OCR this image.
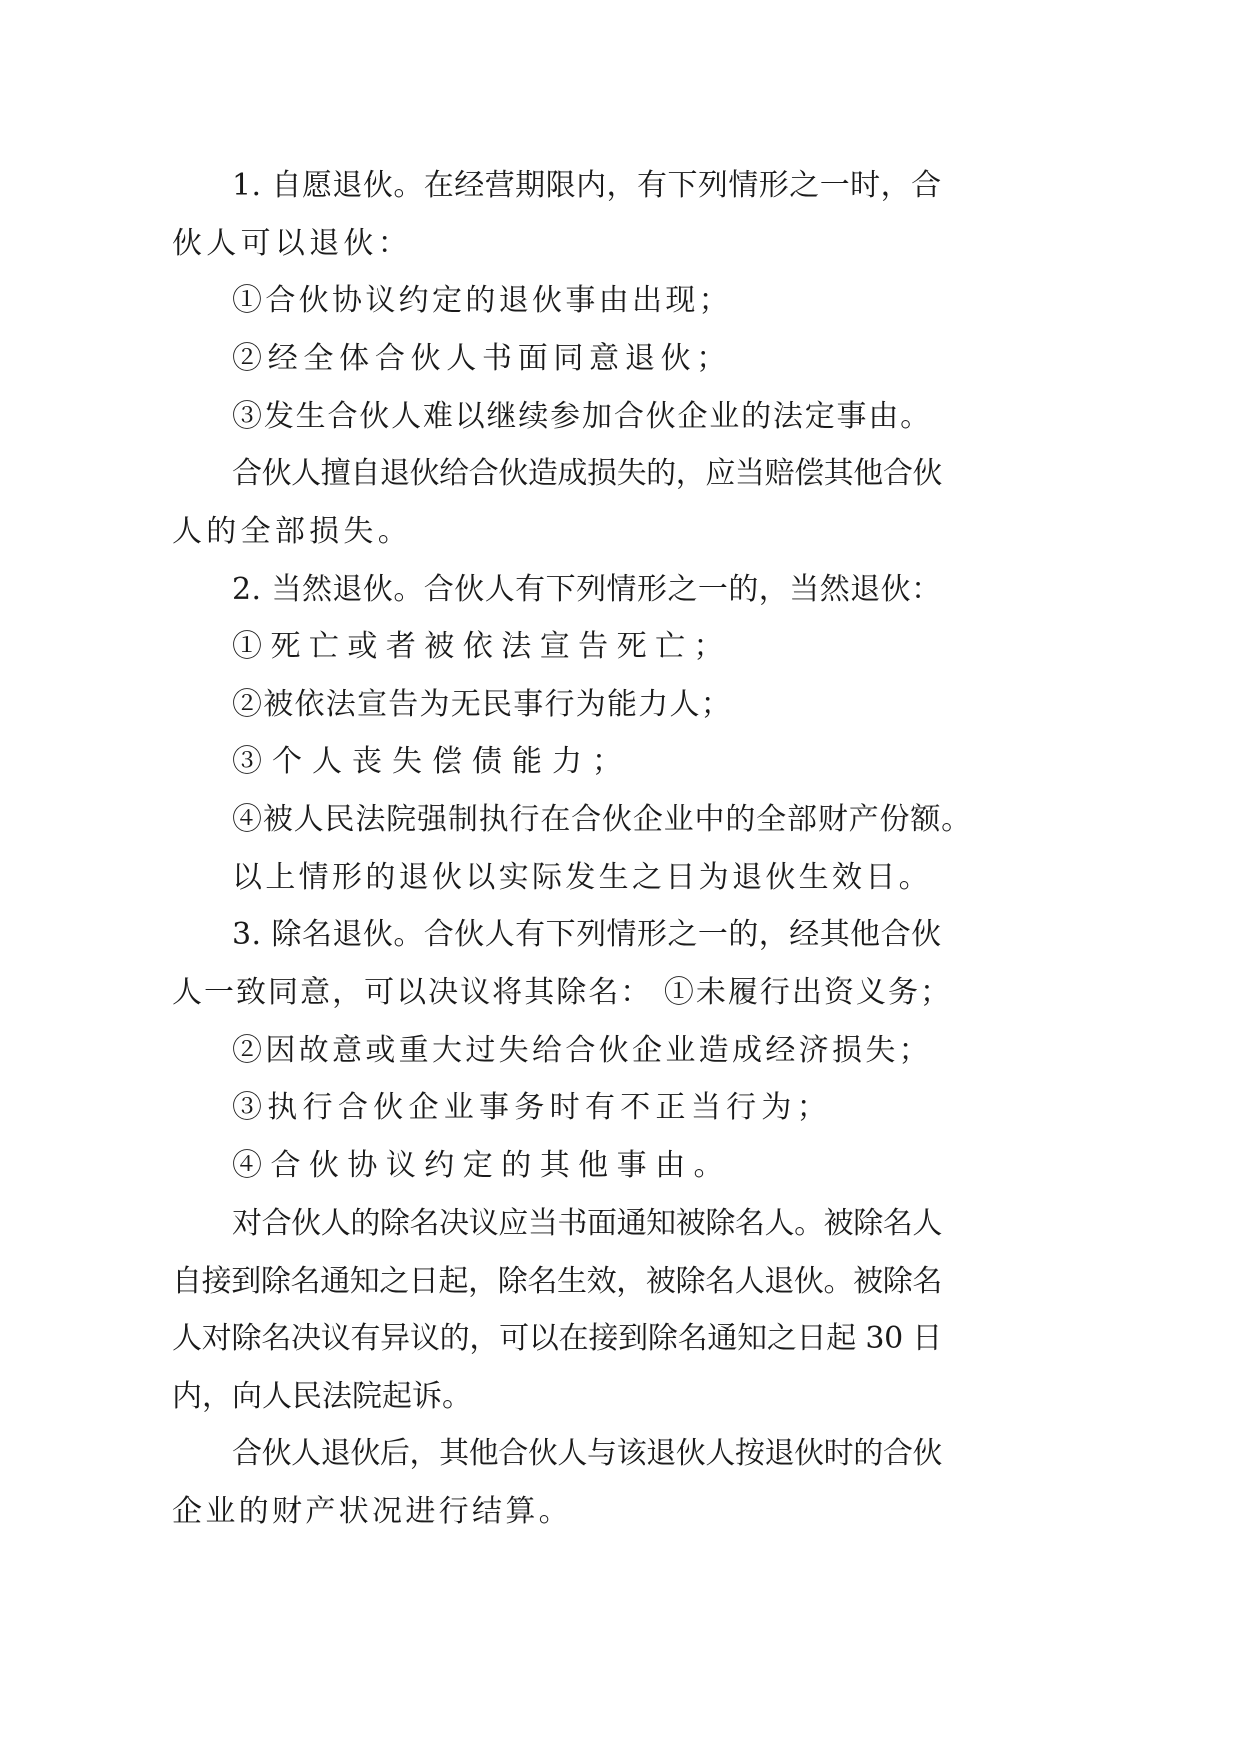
1. 自愿退伙。在经营期限内，有下列情形之一时，合

伙人可以退伙：

①合伙协议约定的退伙事由出现；

②经全体合伙人书面同意退伙；

③发生合伙人难以继续参加合伙企业的法定事由。

合伙人擅自退伙给合伙造成损失的，应当赔偿其他合伙

人的全部损失。

2. 当然退伙。合伙人有下列情形之一的，当然退伙：

①死亡或者被依法宣告死亡；

②被依法宣告为无民事行为能力人；

③个人丧失偿债能力；

④被人民法院强制执行在合伙企业中的全部财产份额。

以上情形的退伙以实际发生之日为退伙生效日。

3. 除名退伙。合伙人有下列情形之一的，经其他合伙

人一致同意，可以决议将其除名： ①未履行出资义务；

②因故意或重大过失给合伙企业造成经济损失；

③执行合伙企业事务时有不正当行为；

④合伙协议约定的其他事由。

对合伙人的除名决议应当书面通知被除名人。被除名人

自接到除名通知之日起，除名生效，被除名人退伙。被除名

人对除名决议有异议的，可以在接到除名通知之日起 30 日

内，向人民法院起诉。

合伙人退伙后，其他合伙人与该退伙人按退伙时的合伙

企业的财产状况进行结算。
